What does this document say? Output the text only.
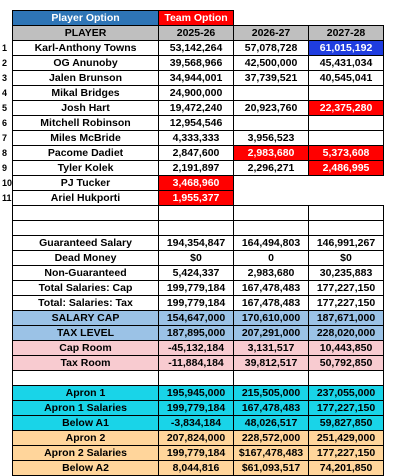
	Player Option	Team Option		
	PLAYER	2025-26	2026-27	2027-28
1	Karl-Anthony Towns	53,142,264	57,078,728	61,015,192
2	OG Anunoby	39,568,966	42,500,000	45,431,034
3	Jalen Brunson	34,944,001	37,739,521	40,545,041
4	Mikal Bridges	24,900,000		
5	Josh Hart	19,472,240	20,923,760	22,375,280
6	Mitchell Robinson	12,954,546		
7	Miles McBride	4,333,333	3,956,523	
8	Pacome Dadiet	2,847,600	2,983,680	5,373,608
9	Tyler Kolek	2,191,897	2,296,271	2,486,995
10	PJ Tucker	3,468,960		
11	Ariel Hukporti	1,955,377		

	Guaranteed Salary	194,354,847	164,494,803	146,991,267
	Dead Money	$0	0	$0
	Non-Guaranteed	5,424,337	2,983,680	30,235,883
	Total Salaries: Cap	199,779,184	167,478,483	177,227,150
	Total: Salaries: Tax	199,779,184	167,478,483	177,227,150
	SALARY CAP	154,647,000	170,610,000	187,671,000
	TAX LEVEL	187,895,000	207,291,000	228,020,000
	Cap Room	-45,132,184	3,131,517	10,443,850
	Tax Room	-11,884,184	39,812,517	50,792,850

	Apron 1	195,945,000	215,505,000	237,055,000
	Apron 1 Salaries	199,779,184	167,478,483	177,227,150
	Below A1	-3,834,184	48,026,517	59,827,850
	Apron 2	207,824,000	228,572,000	251,429,000
	Apron 2 Salaries	199,779,184	$167,478,483	177,227,150
	Below A2	8,044,816	$61,093,517	74,201,850
